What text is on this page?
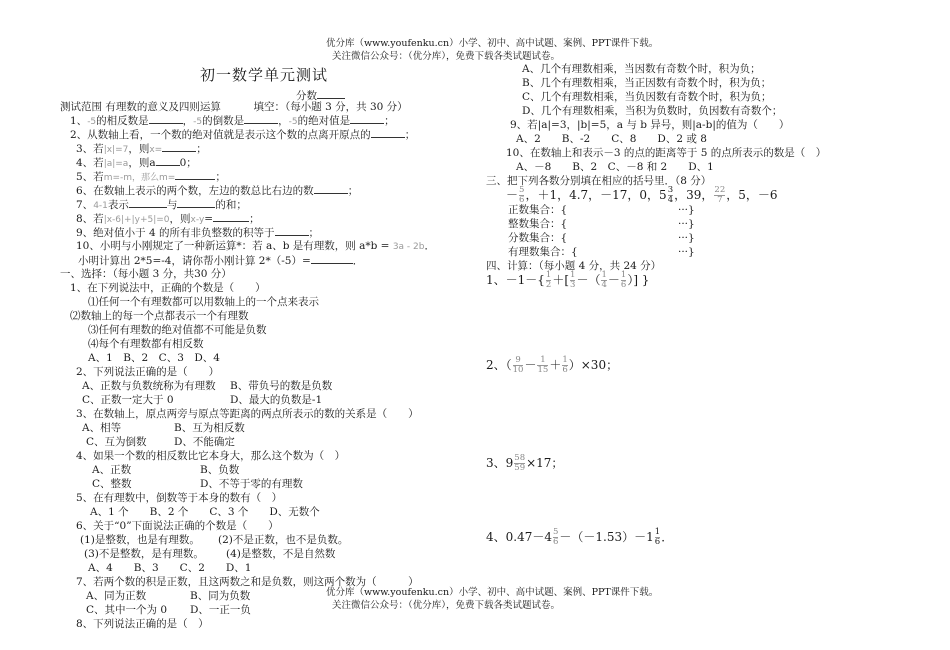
优分库（www.youfenku.cn）小学、初中、高中试题、案例、PPT课件下载。
关注微信公众号：（优分库），免费下载各类试题试卷。
初一数学单元测试
分数
测试范围 有理数的意义及四则运算	填空：（每小题 3 分，共 30 分）
1、-5的相反数是	，-5的倒数是	，-5的绝对值是	；
2、从数轴上看，一个数的绝对值就是表示这个数的点离开原点的	；
3、若|x|=7，则x=	；
4、若|a|=a，则a 0；
5、若m=-m，那么m=	；
6、在数轴上表示的两个数，左边的数总比右边的数	；
7、4-1表示	与	的和；
8、若|x-6|+|y+5|=0，则x-y=	；
9、绝对值小于 4 的所有非负整数的积等于	；
10、小明与小刚规定了一种新运算*：若 a、b 是有理数，则 a*b = 3a - 2b．
小明计算出 2*5=-4，请你帮小刚计算 2*（-5）=	．
一、选择：（每小题 3 分，共30 分）
1、在下列说法中，正确的个数是（　　）
⑴任何一个有理数都可以用数轴上的一个点来表示
⑵数轴上的每一个点都表示一个有理数
⑶任何有理数的绝对值都不可能是负数
⑷每个有理数都有相反数
A、1　B、2　C、3　D、4
2、下列说法正确的是（　　）
A、正数与负数统称为有理数 B、带负号的数是负数
C、正数一定大于 0	D、最大的负数是-1
3、在数轴上，原点两旁与原点等距离的两点所表示的数的关系是（　　）
A、相等	B、互为相反数
C、互为倒数	D、不能确定
4、如果一个数的相反数比它本身大，那么这个数为（　）
A、正数	B、负数
C、整数	D、不等于零的有理数
5、在有理数中，倒数等于本身的数有（　）
A、1 个　　B、2 个　　C、3 个　　D、无数个
6、关于“0”下面说法正确的个数是（　　）
(1)是整数，也是有理数。 (2)不是正数，也不是负数。
(3)不是整数，是有理数。 (4)是整数，不是自然数
A、4　　B、3　　C、2　　D、1
7、若两个数的积是正数，且这两数之和是负数，则这两个数为（　　　）
A、同为正数	B、同为负数
C、其中一个为 0 D、一正一负
8、下列说法正确的是（　）
A、几个有理数相乘，当因数有奇数个时，积为负；
B、几个有理数相乘，当正因数有奇数个时，积为负；
C、几个有理数相乘，当负因数有奇数个时，积为负；
D、几个有理数相乘，当积为负数时，负因数有奇数个；
9、若|a|=3，|b|=5，a 与 b 异号，则|a-b|的值为（　　）
A、2　　B、-2　　C、8　　D、2 或 8
10、在数轴上和表示－3 的点的距离等于 5 的点所表示的数是（　）
A、－8　　B、2　C、－8 和 2　　D、1
三、把下列各数分别填在相应的括号里．（8 分）
－ $\frac{5}{6}$ ，＋1，4.7，－17，0，$5 \frac{3}{4}$ ，39， $\frac{22}{7}$ ，5，－6
正数集合：{	···}
整数集合：{	···}
分数集合：{	···}
有理数集合：{	···}
四、计算：（每小题 4 分，共 24 分）
1、$-1-\{ \frac{1}{2}$ ＋[ $\frac{1}{3}$ －（ $\frac{1}{4} - \frac{1}{6}$ ）] }
2、（ $\frac{9}{10} - \frac{1}{15} + \frac{1}{6} )\times 30$；
3、$9 \frac{58}{59} \times 17$；
4、$0.47-4 \frac{5}{6} -(-1.53)-1 \frac{1}{6}$ ．
优分库（www.youfenku.cn）小学、初中、高中试题、案例、PPT课件下载。
关注微信公众号：（优分库），免费下载各类试题试卷。
